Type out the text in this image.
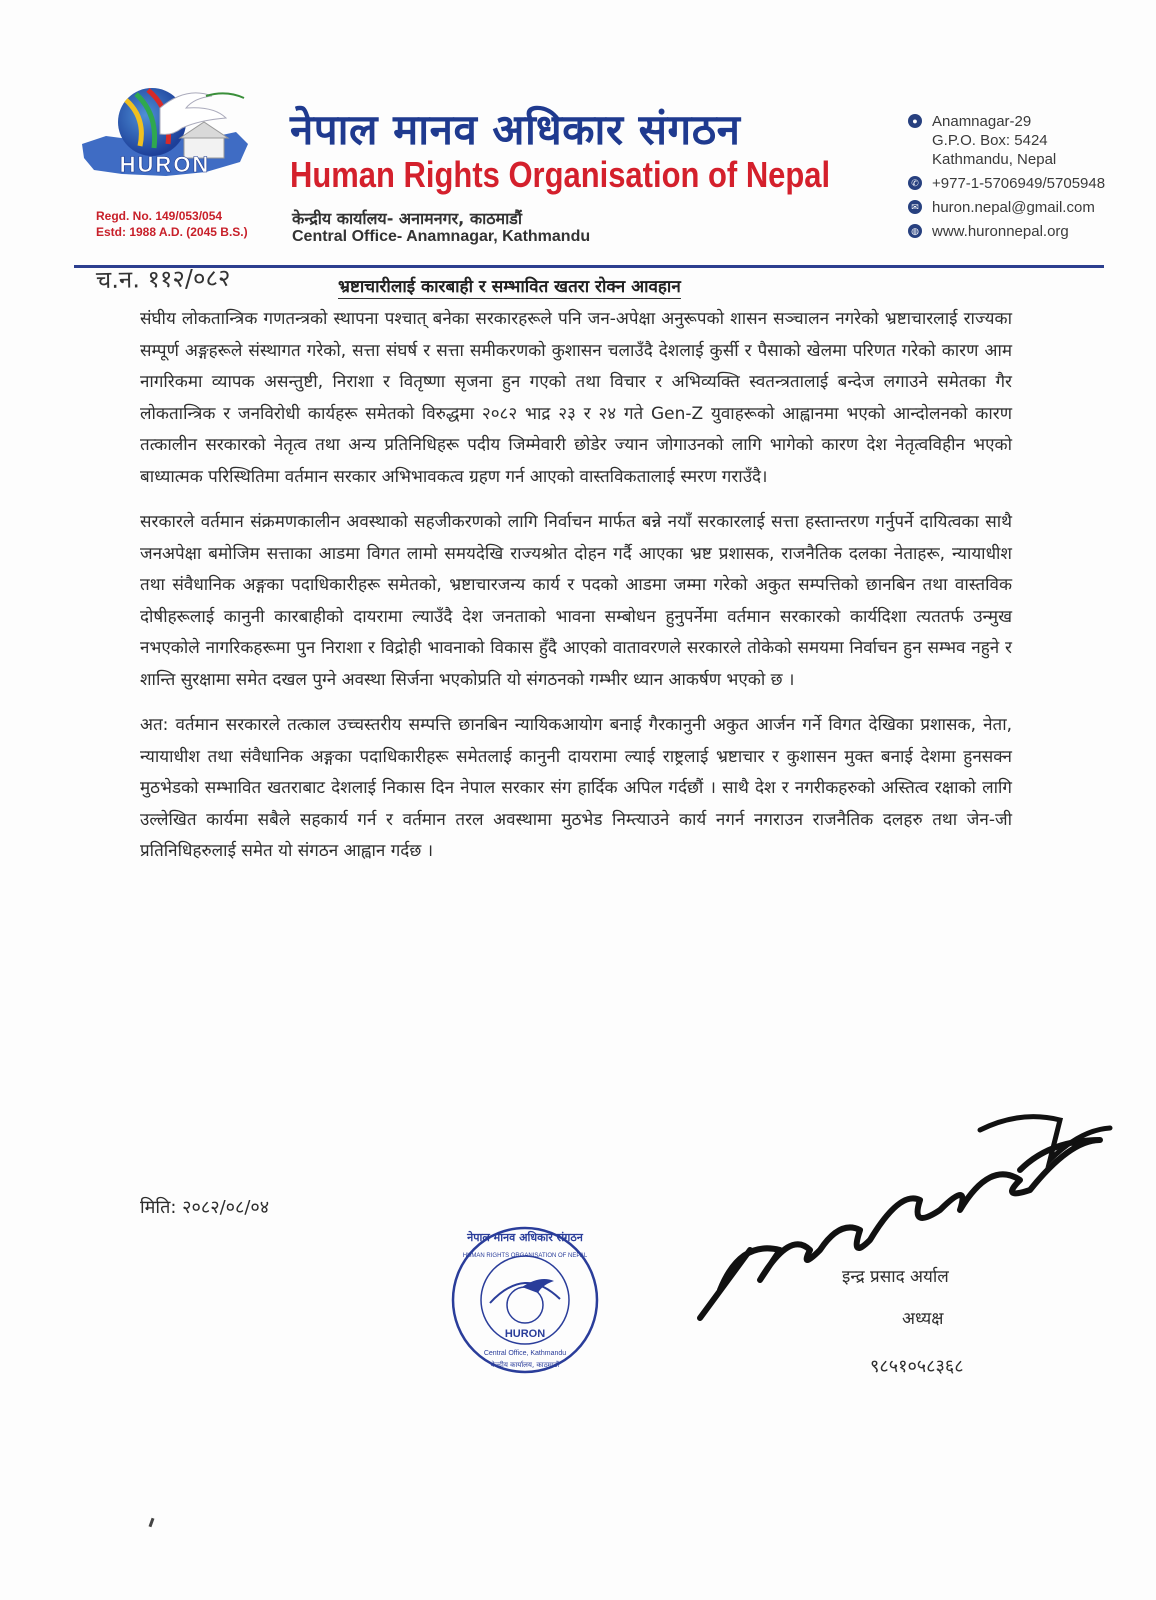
HURON
Regd. No. 149/053/054
Estd: 1988 A.D. (2045 B.S.)
नेपाल मानव अधिकार संगठन
Human Rights Organisation of Nepal
केन्द्रीय कार्यालय- अनामनगर, काठमाडौं
Central Office- Anamnagar, Kathmandu
● Anamnagar-29
G.P.O. Box: 5424
Kathmandu, Nepal
✆ +977-1-5706949/5705948
✉ huron.nepal@gmail.com
◍ www.huronnepal.org
च.न. ११२/०८२	भ्रष्टाचारीलाई कारबाही र सम्भावित खतरा रोक्न आवहान

संघीय लोकतान्त्रिक गणतन्त्रको स्थापना पश्चात् बनेका सरकारहरूले पनि जन-अपेक्षा अनुरूपको शासन सञ्चालन नगरेको भ्रष्टाचारलाई राज्यका सम्पूर्ण अङ्गहरूले संस्थागत गरेको, सत्ता संघर्ष र सत्ता समीकरणको कुशासन चलाउँदै देशलाई कुर्सी र पैसाको खेलमा परिणत गरेको कारण आम नागरिकमा व्यापक असन्तुष्टी, निराशा र वितृष्णा सृजना हुन गएको तथा विचार र अभिव्यक्ति स्वतन्त्रतालाई बन्देज लगाउने समेतका गैर लोकतान्त्रिक र जनविरोधी कार्यहरू समेतको विरुद्धमा २०८२ भाद्र २३ र २४ गते Gen-Z युवाहरूको आह्वानमा भएको आन्दोलनको कारण तत्कालीन सरकारको नेतृत्व तथा अन्य प्रतिनिधिहरू पदीय जिम्मेवारी छोडेर ज्यान जोगाउनको लागि भागेको कारण देश नेतृत्वविहीन भएको बाध्यात्मक परिस्थितिमा वर्तमान सरकार अभिभावकत्व ग्रहण गर्न आएको वास्तविकतालाई स्मरण गराउँदै।

सरकारले वर्तमान संक्रमणकालीन अवस्थाको सहजीकरणको लागि निर्वाचन मार्फत बन्ने नयाँ सरकारलाई सत्ता हस्तान्तरण गर्नुपर्ने दायित्वका साथै जनअपेक्षा बमोजिम सत्ताका आडमा विगत लामो समयदेखि राज्यश्रोत दोहन गर्दै आएका भ्रष्ट प्रशासक, राजनैतिक दलका नेताहरू, न्यायाधीश तथा संवैधानिक अङ्गका पदाधिकारीहरू समेतको, भ्रष्टाचारजन्य कार्य र पदको आडमा जम्मा गरेको अकुत सम्पत्तिको छानबिन तथा वास्तविक दोषीहरूलाई कानुनी कारबाहीको दायरामा ल्याउँदै देश जनताको भावना सम्बोधन हुनुपर्नेमा वर्तमान सरकारको कार्यदिशा त्यततर्फ उन्मुख नभएकोले नागरिकहरूमा पुन निराशा र विद्रोही भावनाको विकास हुँदै आएको वातावरणले सरकारले तोकेको समयमा निर्वाचन हुन सम्भव नहुने र शान्ति सुरक्षामा समेत दखल पुग्ने अवस्था सिर्जना भएकोप्रति यो संगठनको गम्भीर ध्यान आकर्षण भएको छ ।

अत: वर्तमान सरकारले तत्काल उच्चस्तरीय सम्पत्ति छानबिन न्यायिकआयोग बनाई गैरकानुनी अकुत आर्जन गर्ने विगत देखिका प्रशासक, नेता, न्यायाधीश तथा संवैधानिक अङ्गका पदाधिकारीहरू समेतलाई कानुनी दायरामा ल्याई राष्ट्रलाई भ्रष्टाचार र कुशासन मुक्त बनाई देशमा हुनसक्न मुठभेडको सम्भावित खतराबाट देशलाई निकास दिन नेपाल सरकार संग हार्दिक अपिल गर्दछौं । साथै देश र नगरीकहरुको अस्तित्व रक्षाको लागि उल्लेखित कार्यमा सबैले सहकार्य गर्न र वर्तमान तरल अवस्थामा मुठभेड निम्त्याउने कार्य नगर्न नगराउन राजनैतिक दलहरु तथा जेन-जी प्रतिनिधिहरुलाई समेत यो संगठन आह्वान गर्दछ ।

मिति: २०८२/०८/०४
HURON
नेपाल मानव अधिकार संगठन
Central Office, Kathmandu
केन्द्रीय कार्यालय, काठमाडौं
HUMAN RIGHTS ORGANISATION OF NEPAL
इन्द्र प्रसाद अर्याल
अध्यक्ष
९८५१०५८३६८
